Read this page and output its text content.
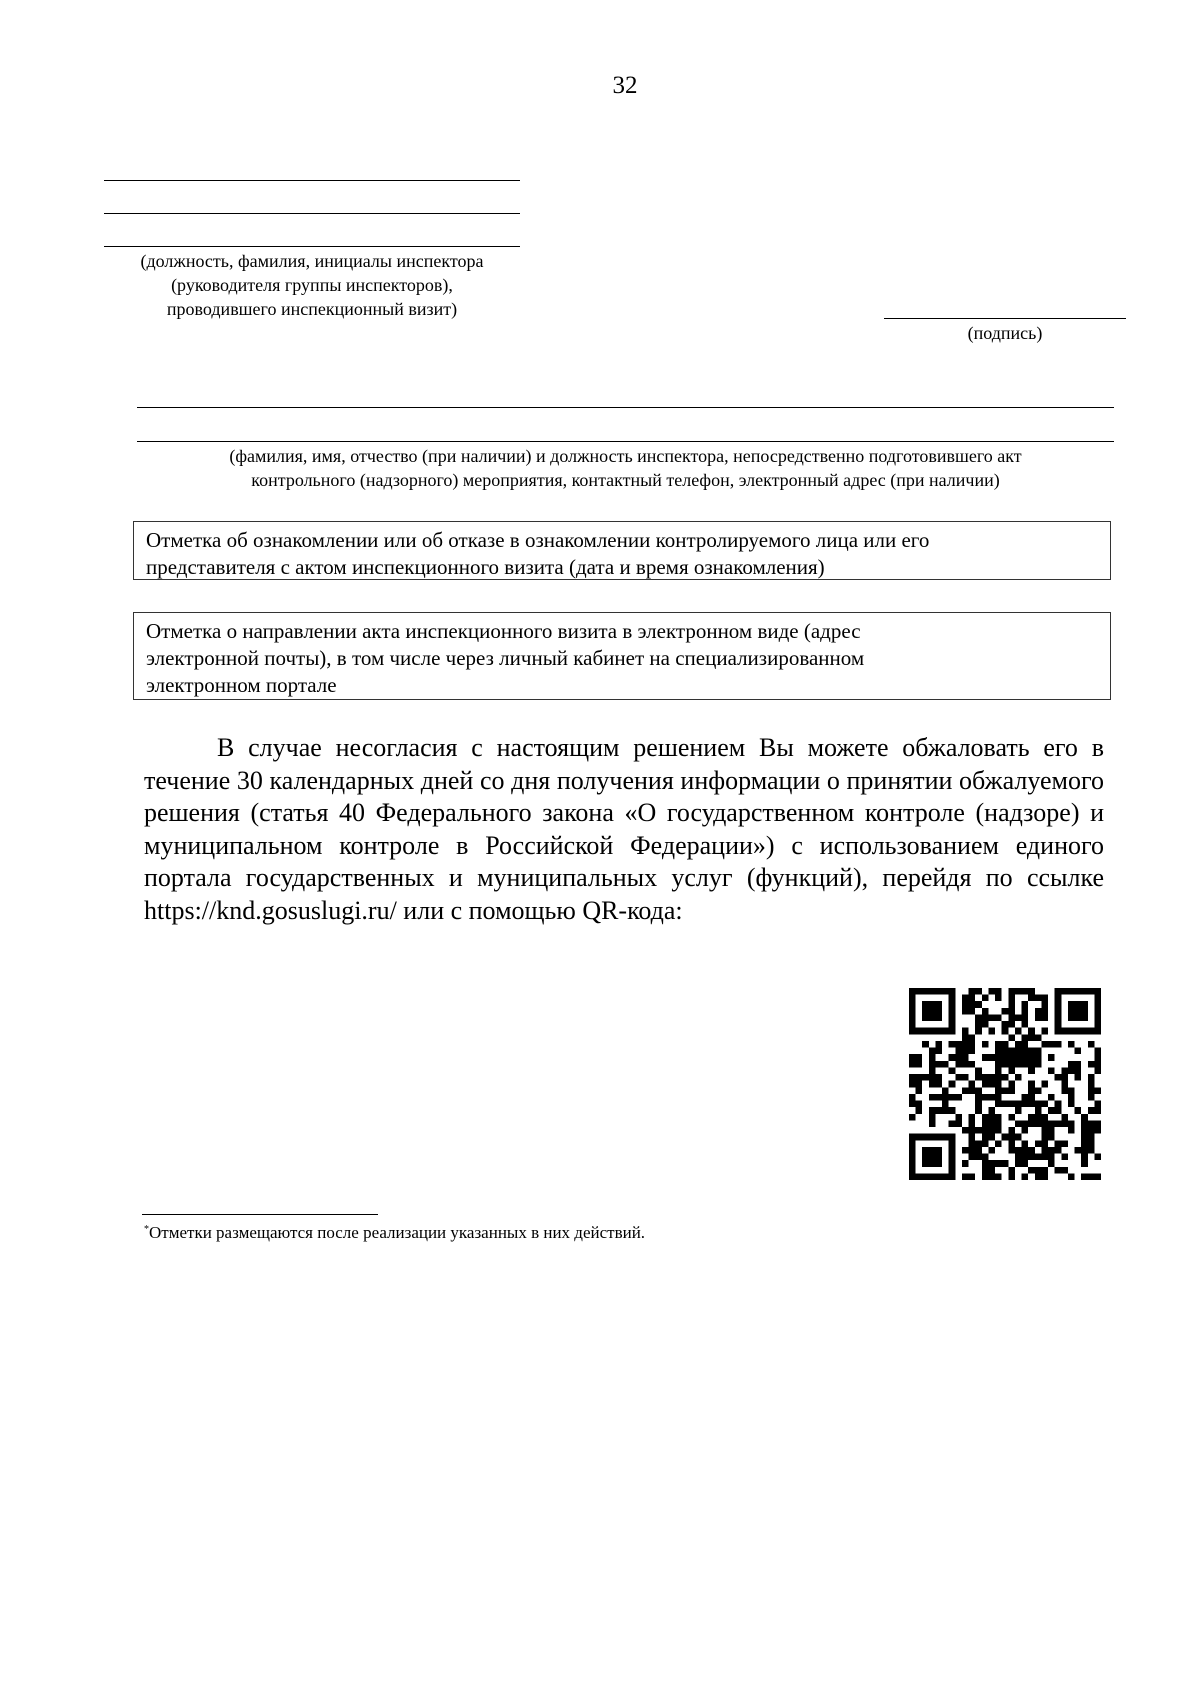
32
(должность, фамилия, инициалы инспектора
(руководителя группы инспекторов),
проводившего инспекционный визит)
(подпись)
(фамилия, имя, отчество (при наличии) и должность инспектора, непосредственно подготовившего акт
контрольного (надзорного) мероприятия, контактный телефон, электронный адрес (при наличии)
Отметка об ознакомлении или об отказе в ознакомлении контролируемого лица или его
представителя с актом инспекционного визита (дата и время ознакомления)
Отметка о направлении акта инспекционного визита в электронном виде (адрес
электронной почты), в том числе через личный кабинет на специализированном
электронном портале
В случае несогласия с настоящим решением Вы можете обжаловать его в течение 30 календарных дней со дня получения информации о принятии обжалуемого решения (статья 40 Федерального закона «О государственном контроле (надзоре) и муниципальном контроле в Российской Федерации») с использованием единого портала государственных и муниципальных услуг (функций), перейдя по ссылке https://knd.gosuslugi.ru/ или с помощью QR-кода:
*Отметки размещаются после реализации указанных в них действий.
